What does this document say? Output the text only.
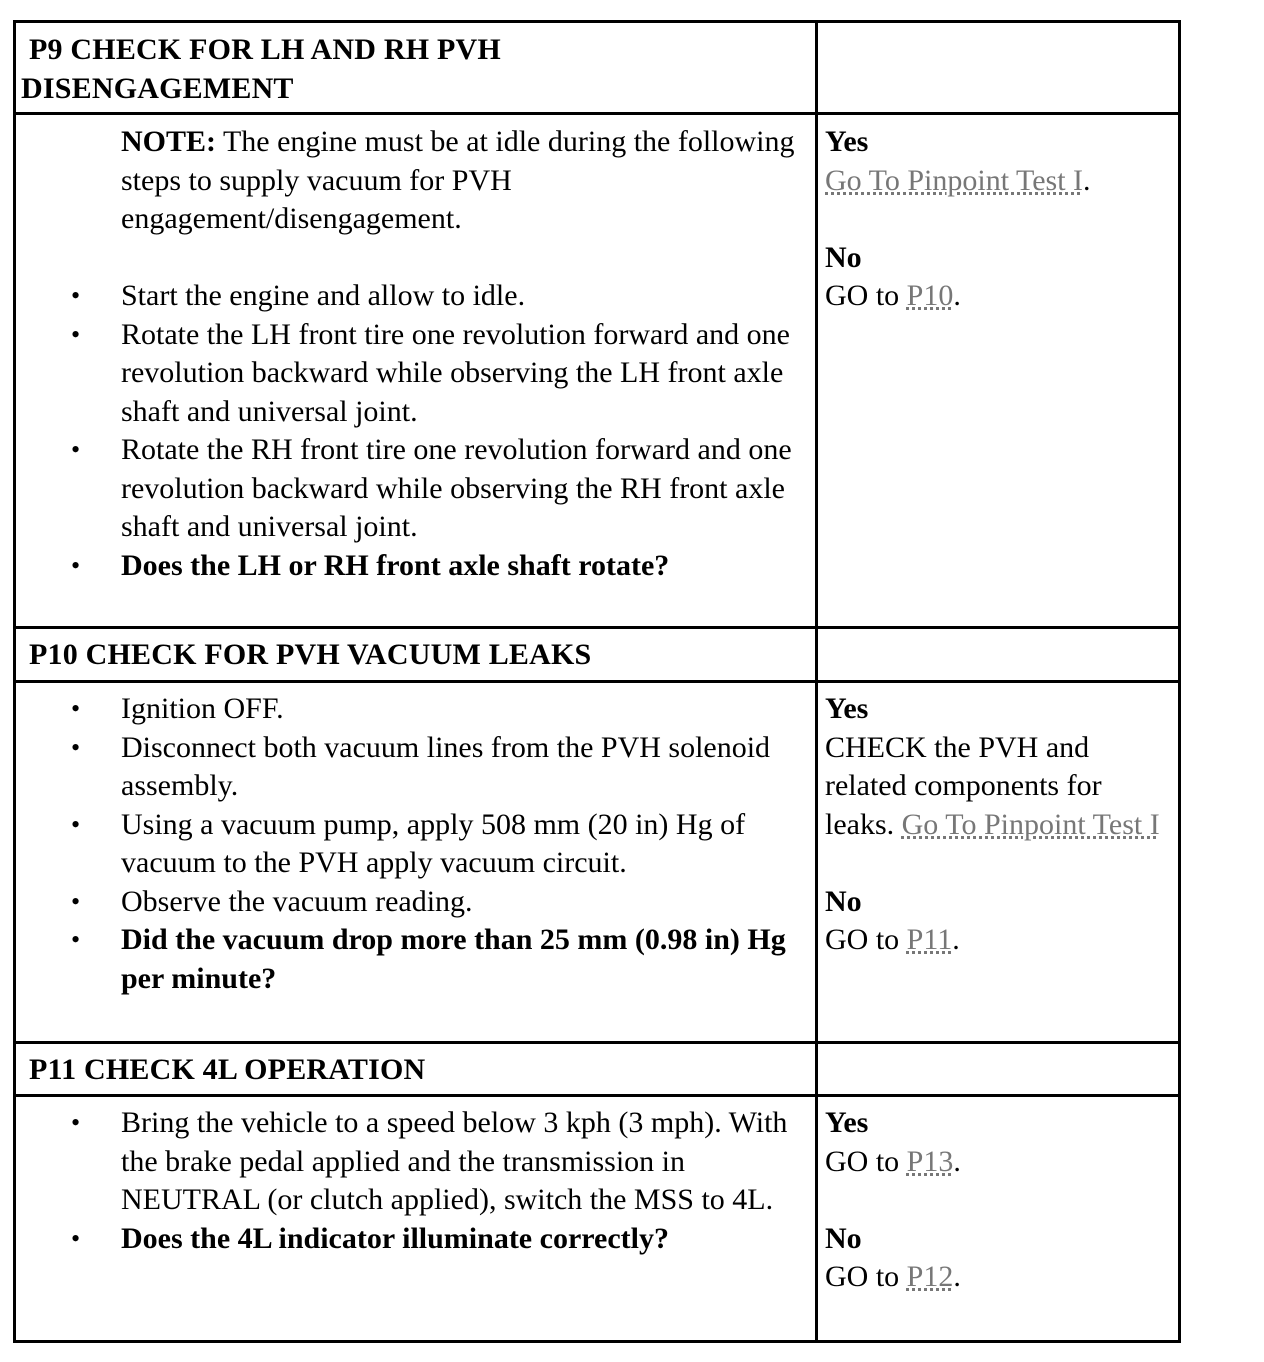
P9 CHECK FOR LH AND RH PVH
DISENGAGEMENT
NOTE: The engine must be at idle during the following steps to supply vacuum for PVH engagement/disengagement.
• Start the engine and allow to idle.
• Rotate the LH front tire one revolution forward and one revolution backward while observing the LH front axle shaft and universal joint.
• Rotate the RH front tire one revolution forward and one revolution backward while observing the RH front axle shaft and universal joint.
• Does the LH or RH front axle shaft rotate?
Yes
Go To Pinpoint Test I.
No
GO to P10.
P10 CHECK FOR PVH VACUUM LEAKS
• Ignition OFF.
• Disconnect both vacuum lines from the PVH solenoid assembly.
• Using a vacuum pump, apply 508 mm (20 in) Hg of vacuum to the PVH apply vacuum circuit.
• Observe the vacuum reading.
• Did the vacuum drop more than 25 mm (0.98 in) Hg per minute?
Yes
CHECK the PVH and related components for leaks. Go To Pinpoint Test I
No
GO to P11.
P11 CHECK 4L OPERATION
• Bring the vehicle to a speed below 3 kph (3 mph). With the brake pedal applied and the transmission in NEUTRAL (or clutch applied), switch the MSS to 4L.
• Does the 4L indicator illuminate correctly?
Yes
GO to P13.
No
GO to P12.
